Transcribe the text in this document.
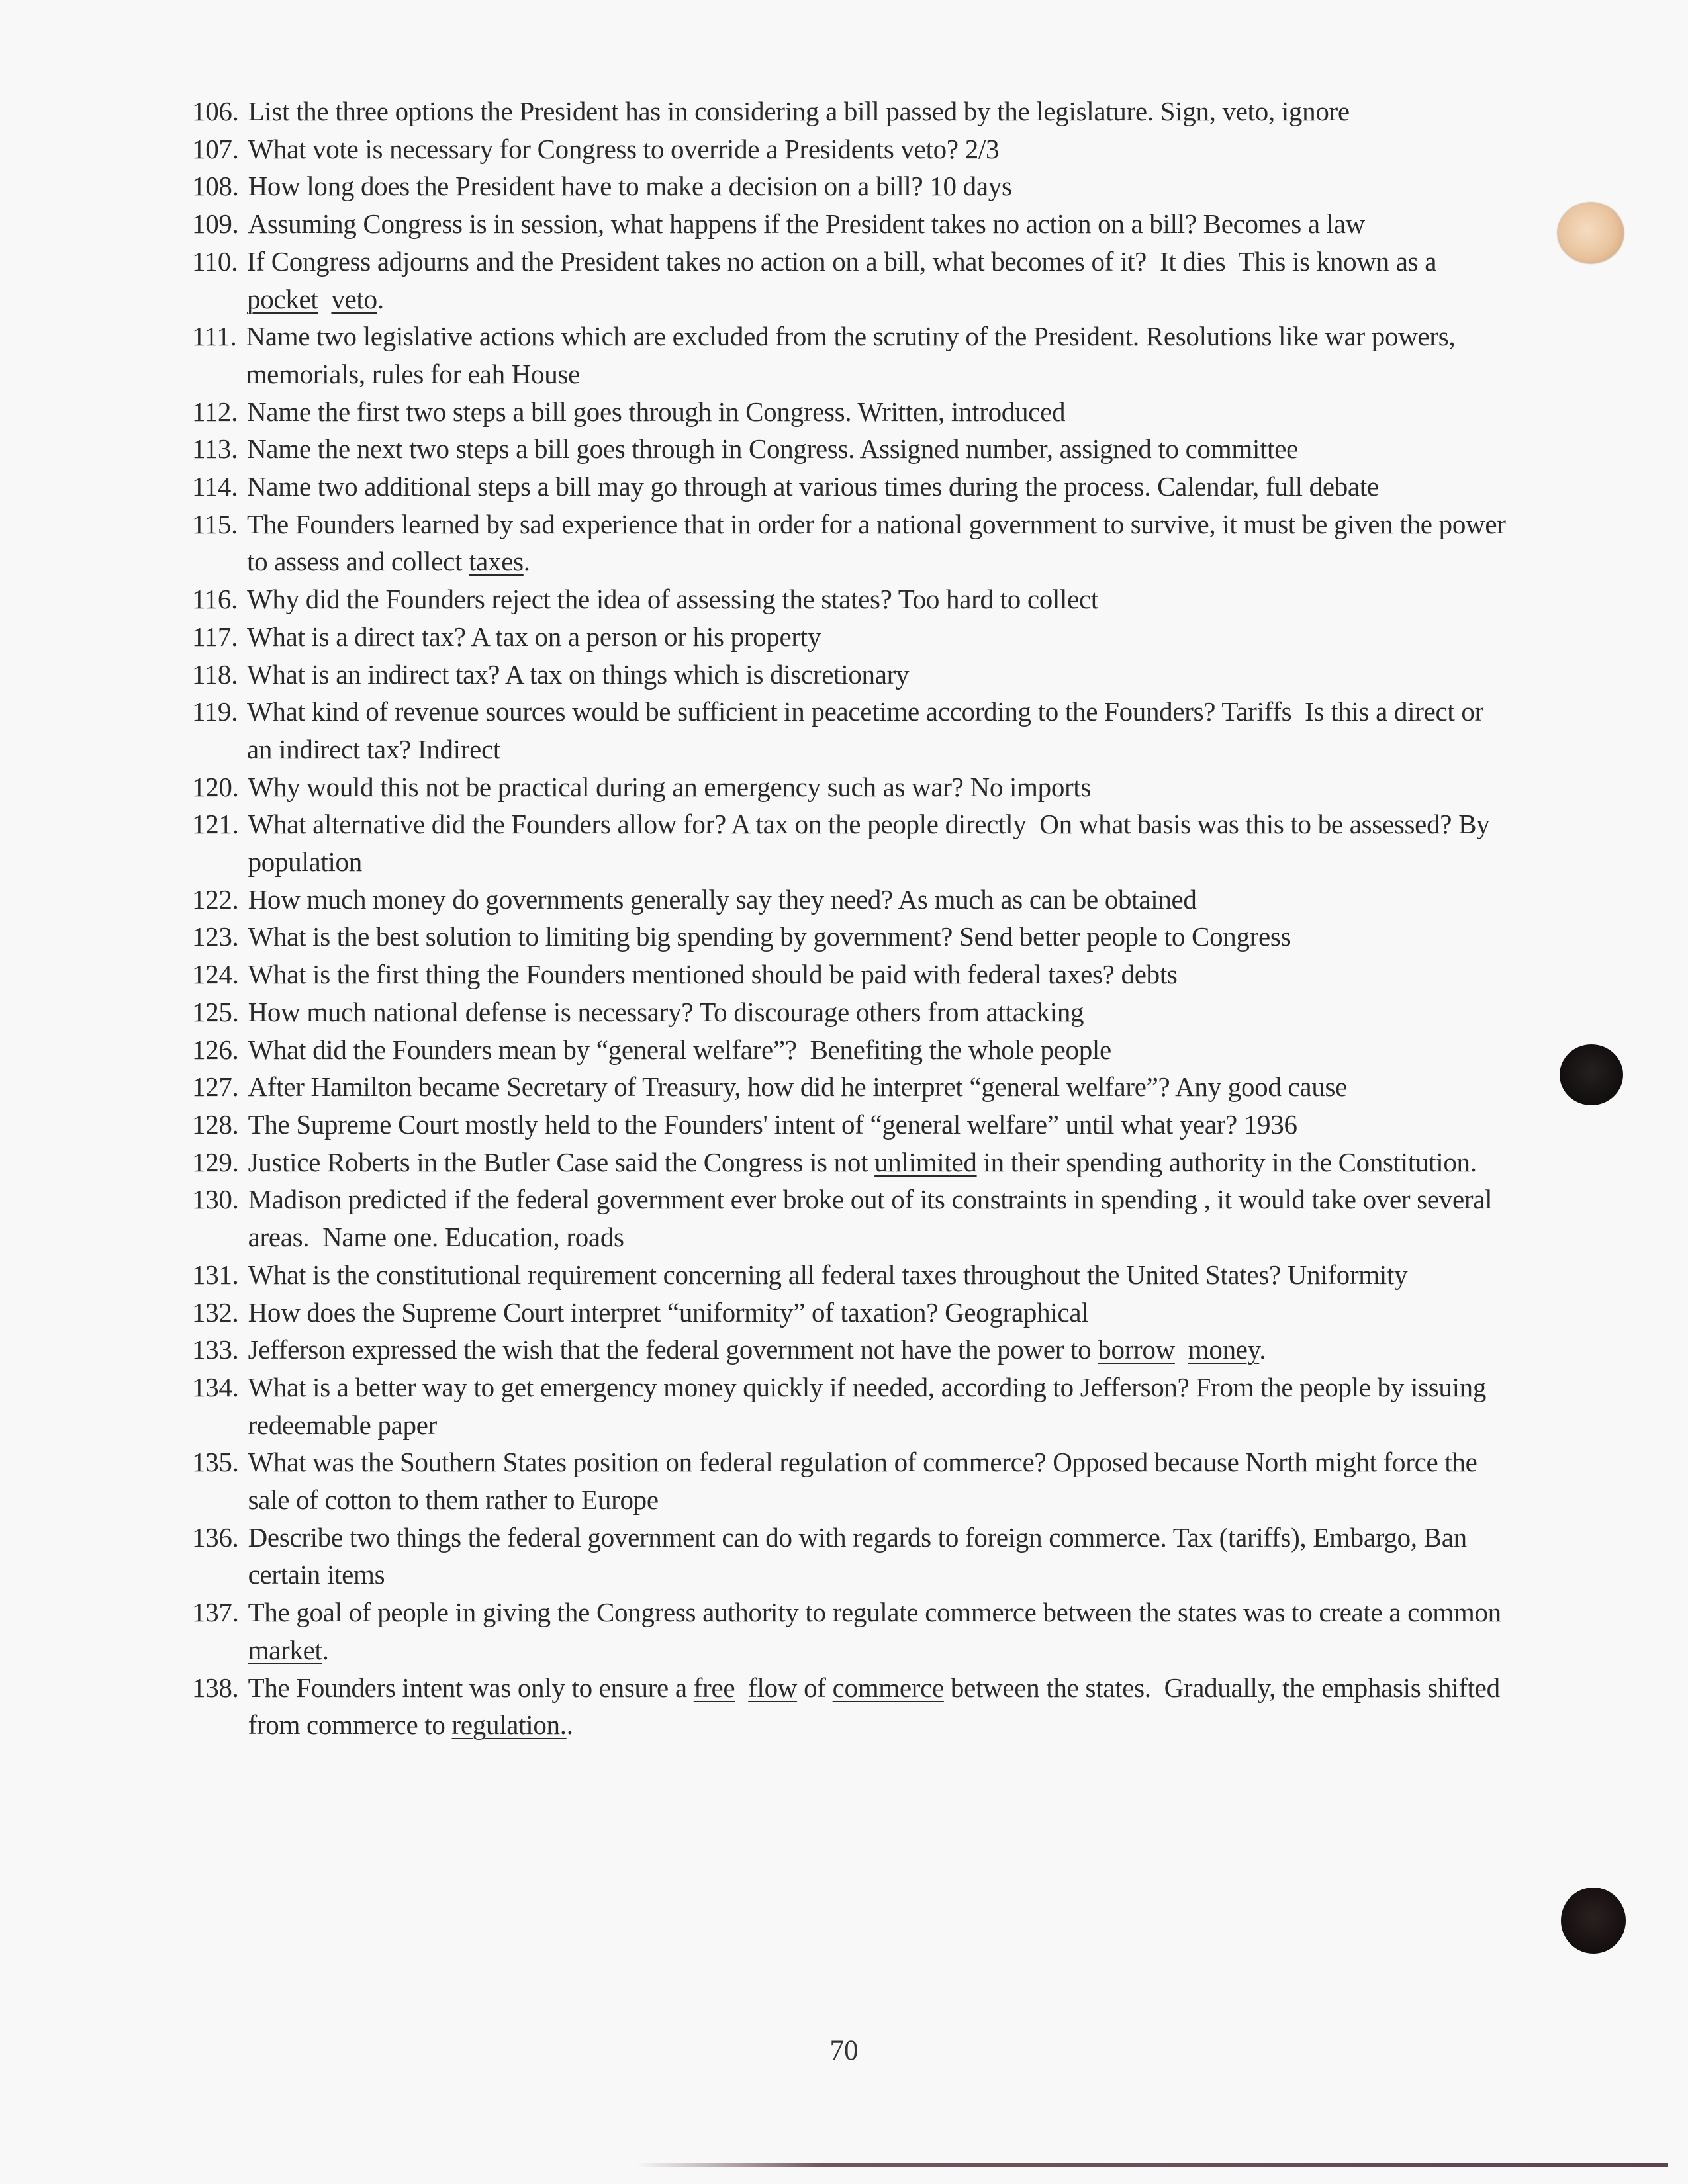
106. List the three options the President has in considering a bill passed by the legislature. Sign, veto, ignore
107. What vote is necessary for Congress to override a Presidents veto? 2/3
108. How long does the President have to make a decision on a bill? 10 days
109. Assuming Congress is in session, what happens if the President takes no action on a bill? Becomes a law
110. If Congress adjourns and the President takes no action on a bill, what becomes of it?  It dies  This is known as a pocket veto.
111. Name two legislative actions which are excluded from the scrutiny of the President. Resolutions like war powers, memorials, rules for eah House
112. Name the first two steps a bill goes through in Congress. Written, introduced
113. Name the next two steps a bill goes through in Congress. Assigned number, assigned to committee
114. Name two additional steps a bill may go through at various times during the process. Calendar, full debate
115. The Founders learned by sad experience that in order for a national government to survive, it must be given the power to assess and collect taxes.
116. Why did the Founders reject the idea of assessing the states? Too hard to collect
117. What is a direct tax? A tax on a person or his property
118. What is an indirect tax? A tax on things which is discretionary
119. What kind of revenue sources would be sufficient in peacetime according to the Founders? Tariffs  Is this a direct or an indirect tax? Indirect
120. Why would this not be practical during an emergency such as war? No imports
121. What alternative did the Founders allow for? A tax on the people directly  On what basis was this to be assessed? By population
122. How much money do governments generally say they need? As much as can be obtained
123. What is the best solution to limiting big spending by government? Send better people to Congress
124. What is the first thing the Founders mentioned should be paid with federal taxes? debts
125. How much national defense is necessary? To discourage others from attacking
126. What did the Founders mean by “general welfare”?  Benefiting the whole people
127. After Hamilton became Secretary of Treasury, how did he interpret “general welfare”? Any good cause
128. The Supreme Court mostly held to the Founders' intent of “general welfare” until what year? 1936
129. Justice Roberts in the Butler Case said the Congress is not unlimited in their spending authority in the Constitution.
130. Madison predicted if the federal government ever broke out of its constraints in spending , it would take over several areas.  Name one. Education, roads
131. What is the constitutional requirement concerning all federal taxes throughout the United States? Uniformity
132. How does the Supreme Court interpret “uniformity” of taxation? Geographical
133. Jefferson expressed the wish that the federal government not have the power to borrow money.
134. What is a better way to get emergency money quickly if needed, according to Jefferson? From the people by issuing redeemable paper
135. What was the Southern States position on federal regulation of commerce? Opposed because North might force the sale of cotton to them rather to Europe
136. Describe two things the federal government can do with regards to foreign commerce. Tax (tariffs), Embargo, Ban certain items
137. The goal of people in giving the Congress authority to regulate commerce between the states was to create a common market.
138. The Founders intent was only to ensure a free flow of commerce between the states.  Gradually, the emphasis shifted from commerce to regulation..
70
